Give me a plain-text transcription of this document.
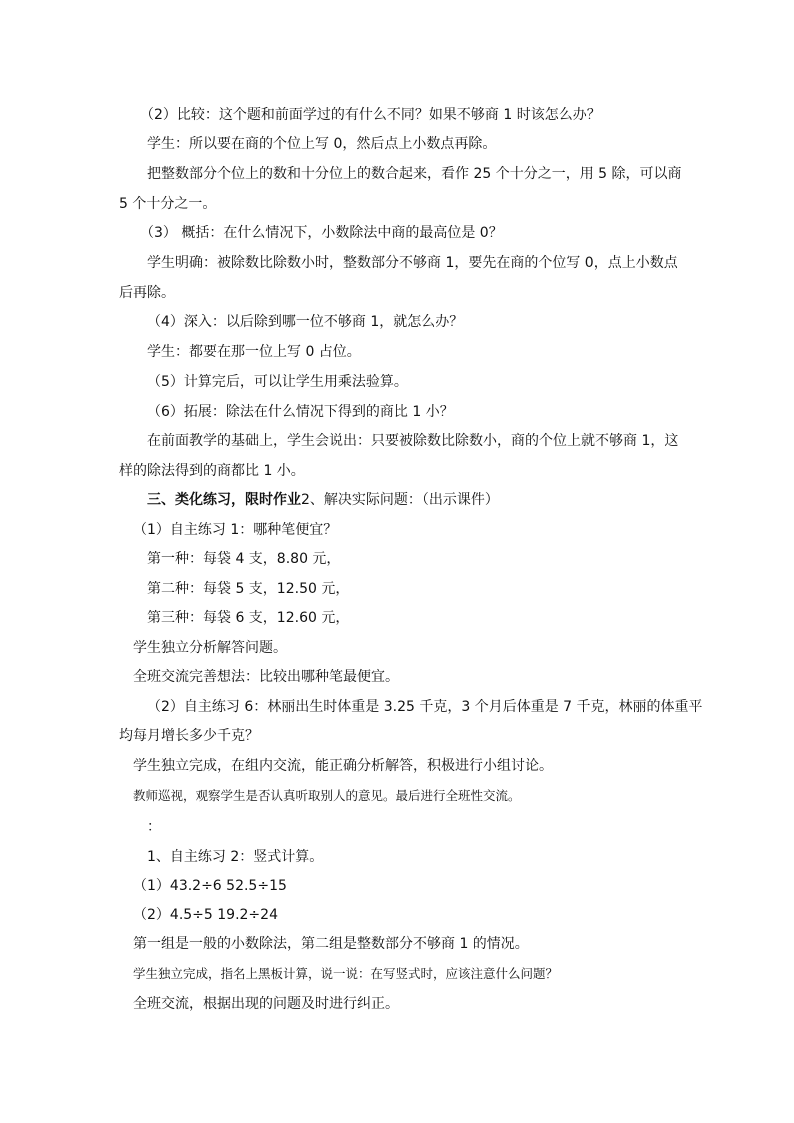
（2）比较：这个题和前面学过的有什么不同？如果不够商 1 时该怎么办？
学生：所以要在商的个位上写 0，然后点上小数点再除。
把整数部分个位上的数和十分位上的数合起来，看作 25 个十分之一，用 5 除，可以商
5 个十分之一。
（3） 概括：在什么情况下，小数除法中商的最高位是 0？
学生明确：被除数比除数小时，整数部分不够商 1，要先在商的个位写 0，点上小数点
后再除。
（4）深入：以后除到哪一位不够商 1，就怎么办？
学生：都要在那一位上写 0 占位。
（5）计算完后，可以让学生用乘法验算。
（6）拓展：除法在什么情况下得到的商比 1 小？
在前面教学的基础上，学生会说出：只要被除数比除数小，商的个位上就不够商 1，这
样的除法得到的商都比 1 小。
三、类化练习，限时作业2、解决实际问题：（出示课件）
（1）自主练习 1：哪种笔便宜？
第一种：每袋 4 支，8.80 元，
第二种：每袋 5 支，12.50 元，
第三种：每袋 6 支，12.60 元，
学生独立分析解答问题。
全班交流完善想法：比较出哪种笔最便宜。
（2）自主练习 6：林丽出生时体重是 3.25 千克，3 个月后体重是 7 千克，林丽的体重平
均每月增长多少千克？
学生独立完成，在组内交流，能正确分析解答，积极进行小组讨论。
教师巡视，观察学生是否认真听取别人的意见。最后进行全班性交流。
：
1、自主练习 2：竖式计算。
（1）43.2÷6 52.5÷15
（2）4.5÷5 19.2÷24
第一组是一般的小数除法，第二组是整数部分不够商 1 的情况。
学生独立完成，指名上黑板计算，说一说：在写竖式时，应该注意什么问题？
全班交流，根据出现的问题及时进行纠正。
